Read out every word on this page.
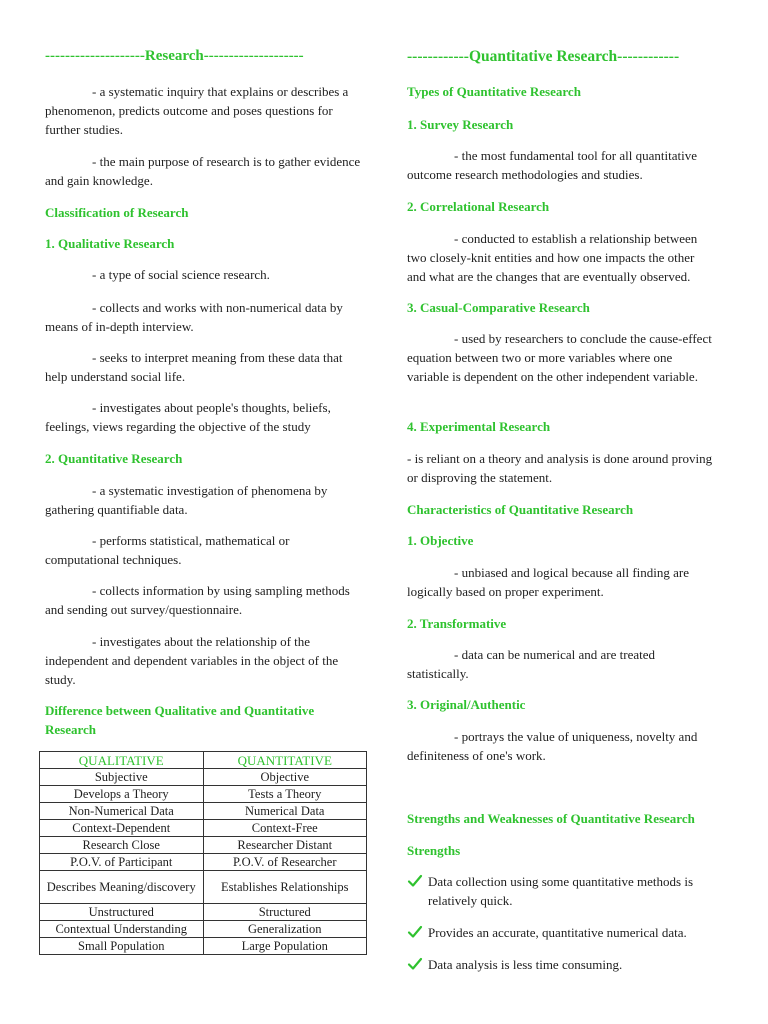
--------------------Research--------------------
- a systematic inquiry that explains or describes a phenomenon, predicts outcome and poses questions for further studies.
- the main purpose of research is to gather evidence and gain knowledge.
Classification of Research
1. Qualitative Research
- a type of social science research.
- collects and works with non-numerical data by means of in-depth interview.
- seeks to interpret meaning from these data that help understand social life.
- investigates about people's thoughts, beliefs, feelings, views regarding the objective of the study
2. Quantitative Research
- a systematic investigation of phenomena by gathering quantifiable data.
- performs statistical, mathematical or computational techniques.
- collects information by using sampling methods and sending out survey/questionnaire.
- investigates about the relationship of the independent and dependent variables in the object of the study.
Difference between Qualitative and Quantitative Research
QUALITATIVE	QUANTITATIVE
Subjective	Objective
Develops a Theory	Tests a Theory
Non-Numerical Data	Numerical Data
Context-Dependent	Context-Free
Research Close	Researcher Distant
P.O.V. of Participant	P.O.V. of Researcher
Describes Meaning/discovery	Establishes Relationships
Unstructured	Structured
Contextual Understanding	Generalization
Small Population	Large Population
------------Quantitative Research------------
Types of Quantitative Research
1. Survey Research
- the most fundamental tool for all quantitative outcome research methodologies and studies.
2. Correlational Research
- conducted to establish a relationship between two closely-knit entities and how one impacts the other and what are the changes that are eventually observed.
3. Casual-Comparative Research
- used by researchers to conclude the cause-effect equation between two or more variables where one variable is dependent on the other independent variable.
4. Experimental Research
- is reliant on a theory and analysis is done around proving or disproving the statement.
Characteristics of Quantitative Research
1. Objective
- unbiased and logical because all finding are logically based on proper experiment.
2. Transformative
- data can be numerical and are treated statistically.
3. Original/Authentic
- portrays the value of uniqueness, novelty and definiteness of one's work.
Strengths and Weaknesses of Quantitative Research
Strengths
Data collection using some quantitative methods is relatively quick.
Provides an accurate, quantitative numerical data.
Data analysis is less time consuming.
